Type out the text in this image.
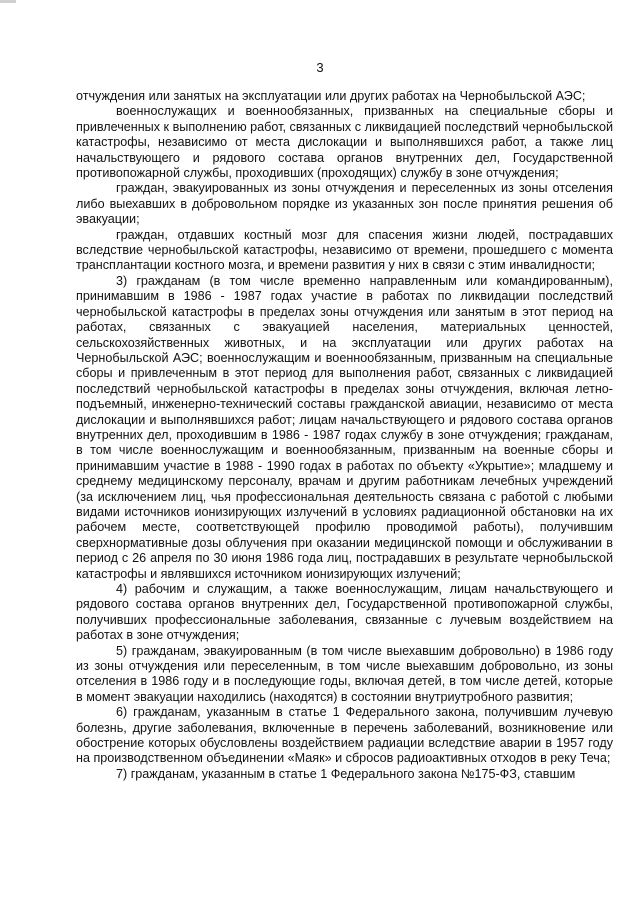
3

отчуждения или занятых на эксплуатации или других работах на Чернобыльской АЭС;

военнослужащих и военнообязанных, призванных на специальные сборы и привлеченных к выполнению работ, связанных с ликвидацией последствий чернобыльской катастрофы, независимо от места дислокации и выполнявшихся работ, а также лиц начальствующего и рядового состава органов внутренних дел, Государственной противопожарной службы, проходивших (проходящих) службу в зоне отчуждения;

граждан, эвакуированных из зоны отчуждения и переселенных из зоны отселения либо выехавших в добровольном порядке из указанных зон после принятия решения об эвакуации;

граждан, отдавших костный мозг для спасения жизни людей, пострадавших вследствие чернобыльской катастрофы, независимо от времени, прошедшего с момента трансплантации костного мозга, и времени развития у них в связи с этим инвалидности;

3) гражданам (в том числе временно направленным или командированным), принимавшим в 1986 - 1987 годах участие в работах по ликвидации последствий чернобыльской катастрофы в пределах зоны отчуждения или занятым в этот период на работах, связанных с эвакуацией населения, материальных ценностей, сельскохозяйственных животных, и на эксплуатации или других работах на Чернобыльской АЭС; военнослужащим и военнообязанным, призванным на специальные сборы и привлеченным в этот период для выполнения работ, связанных с ликвидацией последствий чернобыльской катастрофы в пределах зоны отчуждения, включая летно-подъемный, инженерно-технический составы гражданской авиации, независимо от места дислокации и выполнявшихся работ; лицам начальствующего и рядового состава органов внутренних дел, проходившим в 1986 - 1987 годах службу в зоне отчуждения; гражданам, в том числе военнослужащим и военнообязанным, призванным на военные сборы и принимавшим участие в 1988 - 1990 годах в работах по объекту «Укрытие»; младшему и среднему медицинскому персоналу, врачам и другим работникам лечебных учреждений (за исключением лиц, чья профессиональная деятельность связана с работой с любыми видами источников ионизирующих излучений в условиях радиационной обстановки на их рабочем месте, соответствующей профилю проводимой работы), получившим сверхнормативные дозы облучения при оказании медицинской помощи и обслуживании в период с 26 апреля по 30 июня 1986 года лиц, пострадавших в результате чернобыльской катастрофы и являвшихся источником ионизирующих излучений;

4) рабочим и служащим, а также военнослужащим, лицам начальствующего и рядового состава органов внутренних дел, Государственной противопожарной службы, получивших профессиональные заболевания, связанные с лучевым воздействием на работах в зоне отчуждения;

5) гражданам, эвакуированным (в том числе выехавшим добровольно) в 1986 году из зоны отчуждения или переселенным, в том числе выехавшим добровольно, из зоны отселения в 1986 году и в последующие годы, включая детей, в том числе детей, которые в момент эвакуации находились (находятся) в состоянии внутриутробного развития;

6) гражданам, указанным в статье 1 Федерального закона, получившим лучевую болезнь, другие заболевания, включенные в перечень заболеваний, возникновение или обострение которых обусловлены воздействием радиации вследствие аварии в 1957 году на производственном объединении «Маяк» и сбросов радиоактивных отходов в реку Теча;

7) гражданам, указанным в статье 1 Федерального закона №175-ФЗ, ставшим
